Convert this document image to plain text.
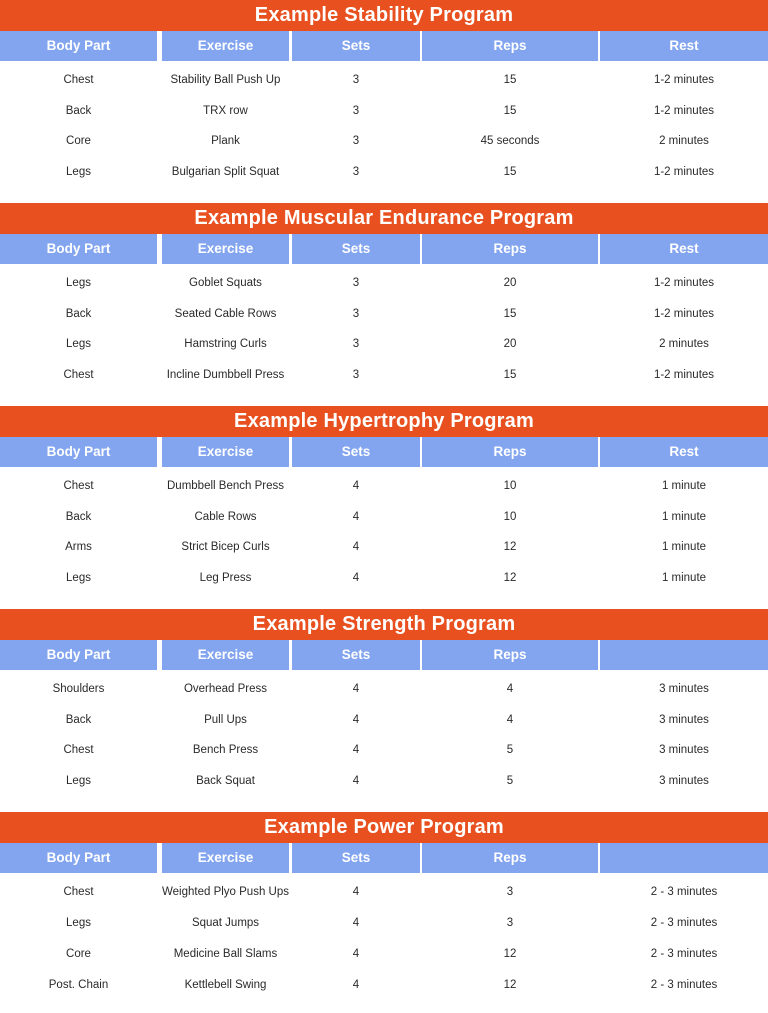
Example Stability Program
Body Part	Exercise	Sets	Reps	Rest
Chest	Stability Ball Push Up	3	15	1-2 minutes
Back	TRX row	3	15	1-2 minutes
Core	Plank	3	45 seconds	2 minutes
Legs	Bulgarian Split Squat	3	15	1-2 minutes
Example Muscular Endurance Program
Body Part	Exercise	Sets	Reps	Rest
Legs	Goblet Squats	3	20	1-2 minutes
Back	Seated Cable Rows	3	15	1-2 minutes
Legs	Hamstring Curls	3	20	2 minutes
Chest	Incline Dumbbell Press	3	15	1-2 minutes
Example Hypertrophy Program
Body Part	Exercise	Sets	Reps	Rest
Chest	Dumbbell Bench Press	4	10	1 minute
Back	Cable Rows	4	10	1 minute
Arms	Strict Bicep Curls	4	12	1 minute
Legs	Leg Press	4	12	1 minute
Example Strength Program
Body Part	Exercise	Sets	Reps
Shoulders	Overhead Press	4	4	3 minutes
Back	Pull Ups	4	4	3 minutes
Chest	Bench Press	4	5	3 minutes
Legs	Back Squat	4	5	3 minutes
Example Power Program
Body Part	Exercise	Sets	Reps
Chest	Weighted Plyo Push Ups	4	3	2 - 3 minutes
Legs	Squat Jumps	4	3	2 - 3 minutes
Core	Medicine Ball Slams	4	12	2 - 3 minutes
Post. Chain	Kettlebell Swing	4	12	2 - 3 minutes
